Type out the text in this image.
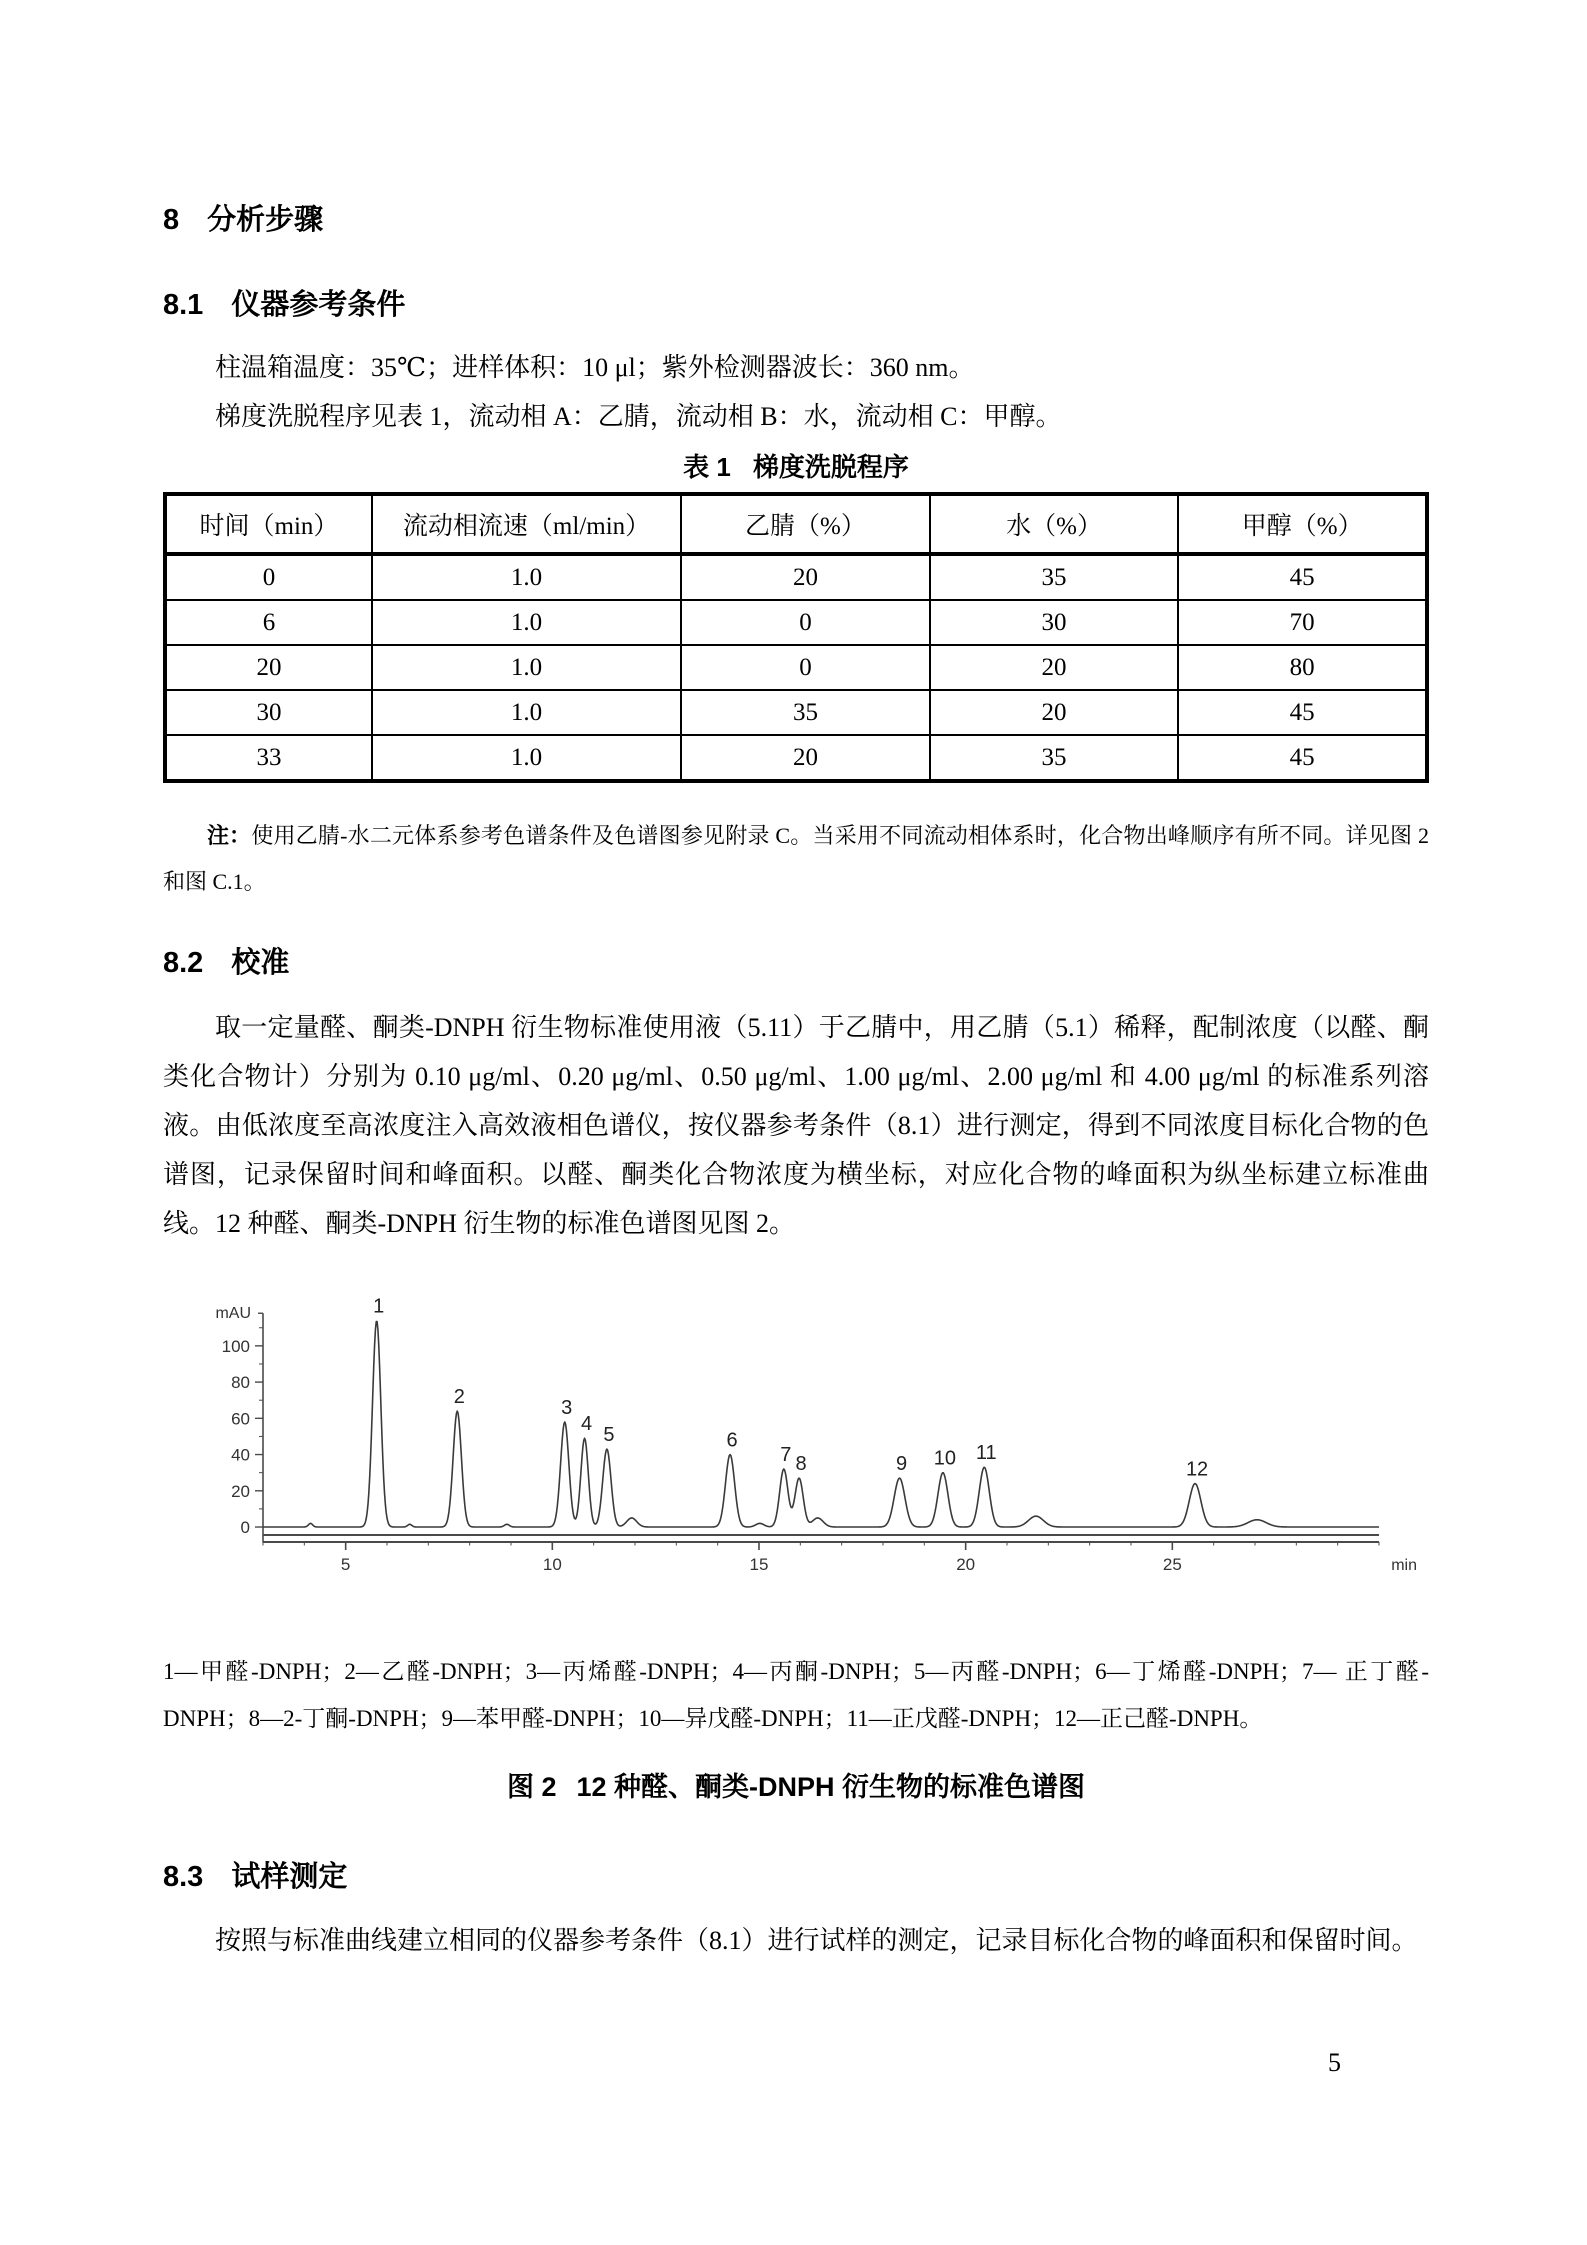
8 分析步骤
8.1 仪器参考条件

柱温箱温度：35℃；进样体积：10 μl；紫外检测器波长：360 nm。

梯度洗脱程序见表 1，流动相 A：乙腈，流动相 B：水，流动相 C：甲醇。

表 1 梯度洗脱程序
时间（min）	流动相流速（ml/min）	乙腈（%）	水（%）	甲醇（%）
0	1.0	20	35	45
6	1.0	0	30	70
20	1.0	0	20	80
30	1.0	35	20	45
33	1.0	20	35	45

注：使用乙腈-水二元体系参考色谱条件及色谱图参见附录 C。当采用不同流动相体系时，化合物出峰顺序有所不同。详见图 2 和图 C.1。

8.2 校准

取一定量醛、酮类-DNPH 衍生物标准使用液（5.11）于乙腈中，用乙腈（5.1）稀释，配制浓度（以醛、酮类化合物计）分别为 0.10 μg/ml、0.20 μg/ml、0.50 μg/ml、1.00 μg/ml、2.00 μg/ml 和 4.00 μg/ml 的标准系列溶液。由低浓度至高浓度注入高效液相色谱仪，按仪器参考条件（8.1）进行测定，得到不同浓度目标化合物的色谱图，记录保留时间和峰面积。以醛、酮类化合物浓度为横坐标，对应化合物的峰面积为纵坐标建立标准曲线。12 种醛、酮类-DNPH 衍生物的标准色谱图见图 2。

mAU
0
20
40
60
80
100
5	10	15	20	25	min
1
2	3
4 5	6
7 8	9 10 11
12

1—甲醛-DNPH；2—乙醛-DNPH；3—丙烯醛-DNPH；4—丙酮-DNPH；5—丙醛-DNPH；6—丁烯醛-DNPH；7— 正丁醛-DNPH；8—2-丁酮-DNPH；9—苯甲醛-DNPH；10—异戊醛-DNPH；11—正戊醛-DNPH；12—正己醛-DNPH。

图 2 12 种醛、酮类-DNPH 衍生物的标准色谱图
8.3 试样测定

按照与标准曲线建立相同的仪器参考条件（8.1）进行试样的测定，记录目标化合物的峰面积和保留时间。

5
